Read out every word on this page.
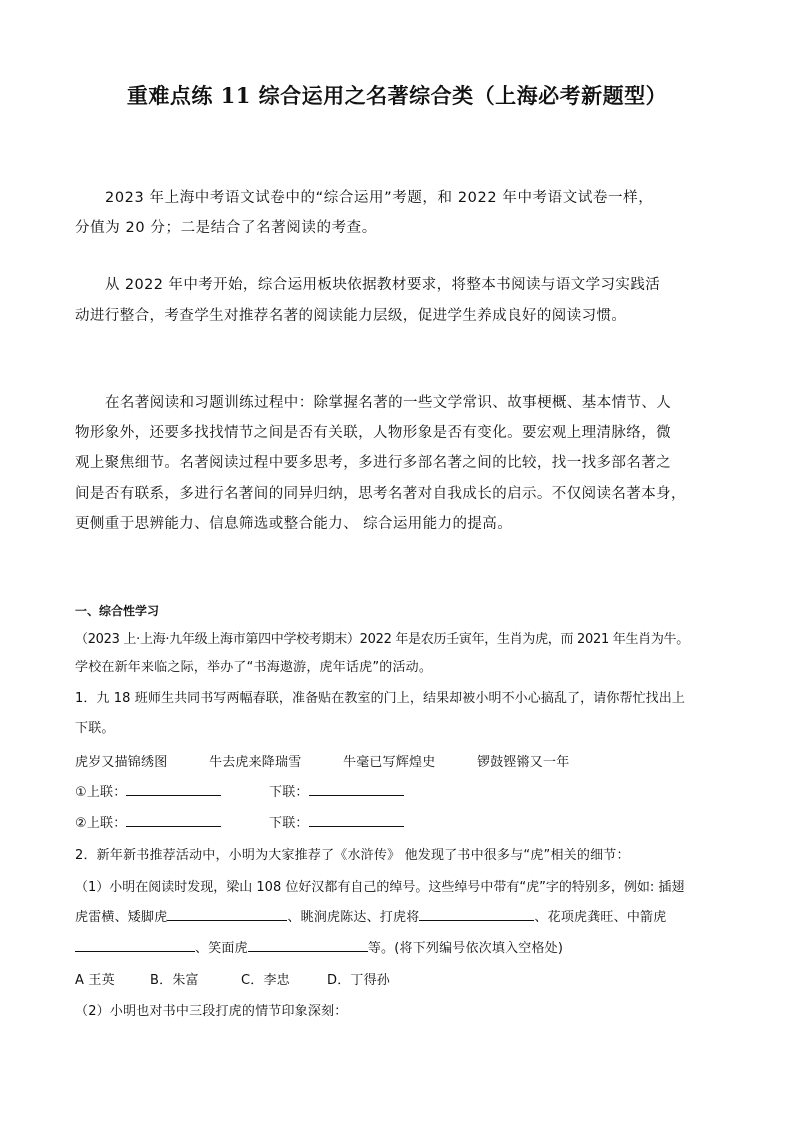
重难点练 11 综合运用之名著综合类（上海必考新题型）
2023 年上海中考语文试卷中的“综合运用”考题，和 2022 年中考语文试卷一样，
分值为 20 分；二是结合了名著阅读的考查。
从 2022 年中考开始，综合运用板块依据教材要求，将整本书阅读与语文学习实践活
动进行整合，考查学生对推荐名著的阅读能力层级，促进学生养成良好的阅读习惯。
在名著阅读和习题训练过程中：除掌握名著的一些文学常识、故事梗概、基本情节、人
物形象外，还要多找找情节之间是否有关联，人物形象是否有变化。要宏观上理清脉络，微
观上聚焦细节。名著阅读过程中要多思考，多进行多部名著之间的比较，找一找多部名著之
间是否有联系，多进行名著间的同异归纳，思考名著对自我成长的启示。不仅阅读名著本身，
更侧重于思辨能力、信息筛选或整合能力、 综合运用能力的提高。
一、综合性学习
（2023 上·上海·九年级上海市第四中学校考期末）2022 年是农历壬寅年，生肖为虎，而 2021 年生肖为牛。
学校在新年来临之际，举办了“书海遨游，虎年话虎”的活动。
1．九 18 班师生共同书写两幅春联，准备贴在教室的门上，结果却被小明不小心搞乱了，请你帮忙找出上
下联。
虎岁又描锦绣图	牛去虎来降瑞雪	牛毫已写辉煌史	锣鼓铿锵又一年
①上联：	下联：
②上联：	下联：
2．新年新书推荐活动中，小明为大家推荐了《水浒传》 他发现了书中很多与“虎”相关的细节：
（1）小明在阅读时发现，梁山 108 位好汉都有自己的绰号。这些绰号中带有“虎”字的特别多，例如: 插翅
虎雷横、矮脚虎	、眺涧虎陈达、打虎将	、花项虎龚旺、中箭虎
、笑面虎	等。(将下列编号依次填入空格处)
A 王英	B．朱富	C．李忠	D．丁得孙
（2）小明也对书中三段打虎的情节印象深刻：
